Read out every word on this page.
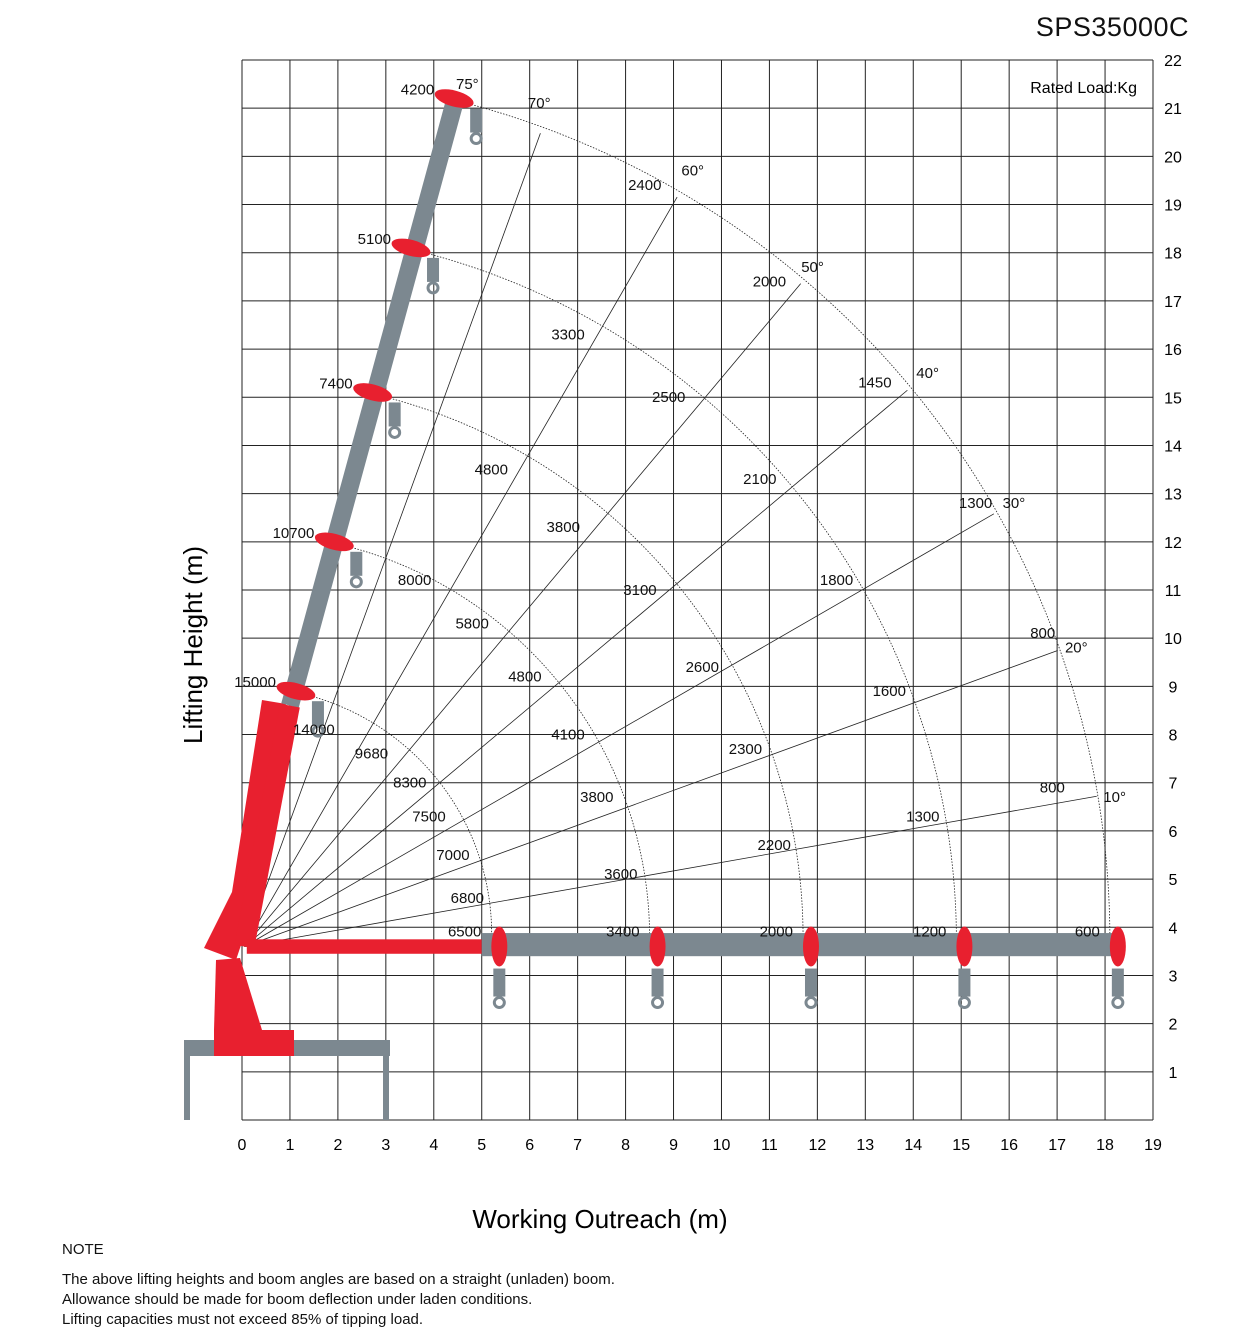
SPS35000C
15000
10700
7400
5100
4200
6500	3400	2000	1200	600
14000
9680
8300
7500
7000
6800
8000
5800
4800
4100
3800
3600
4800
3800
3100
2600
2300
2200
3300
2500
2100
1800
1600
1300
2400
2000
1450
1300
800
800
75°
70°
60°
50°
40°
30°
20°
10°
0 1 2 3 4 5 6 7 8 9 10 11 12 13 14 15 16 17 18 19
1
2
3
4
5
6
7
8
9
10
11
12
13
14
15
16
17
18
19
20
21
22
Rated Load:Kg
Working Outreach (m)
Lifting Height (m)
NOTE
The above lifting heights and boom angles are based on a straight (unladen) boom.
Allowance should be made for boom deflection under laden conditions.
Lifting capacities must not exceed 85% of tipping load.
